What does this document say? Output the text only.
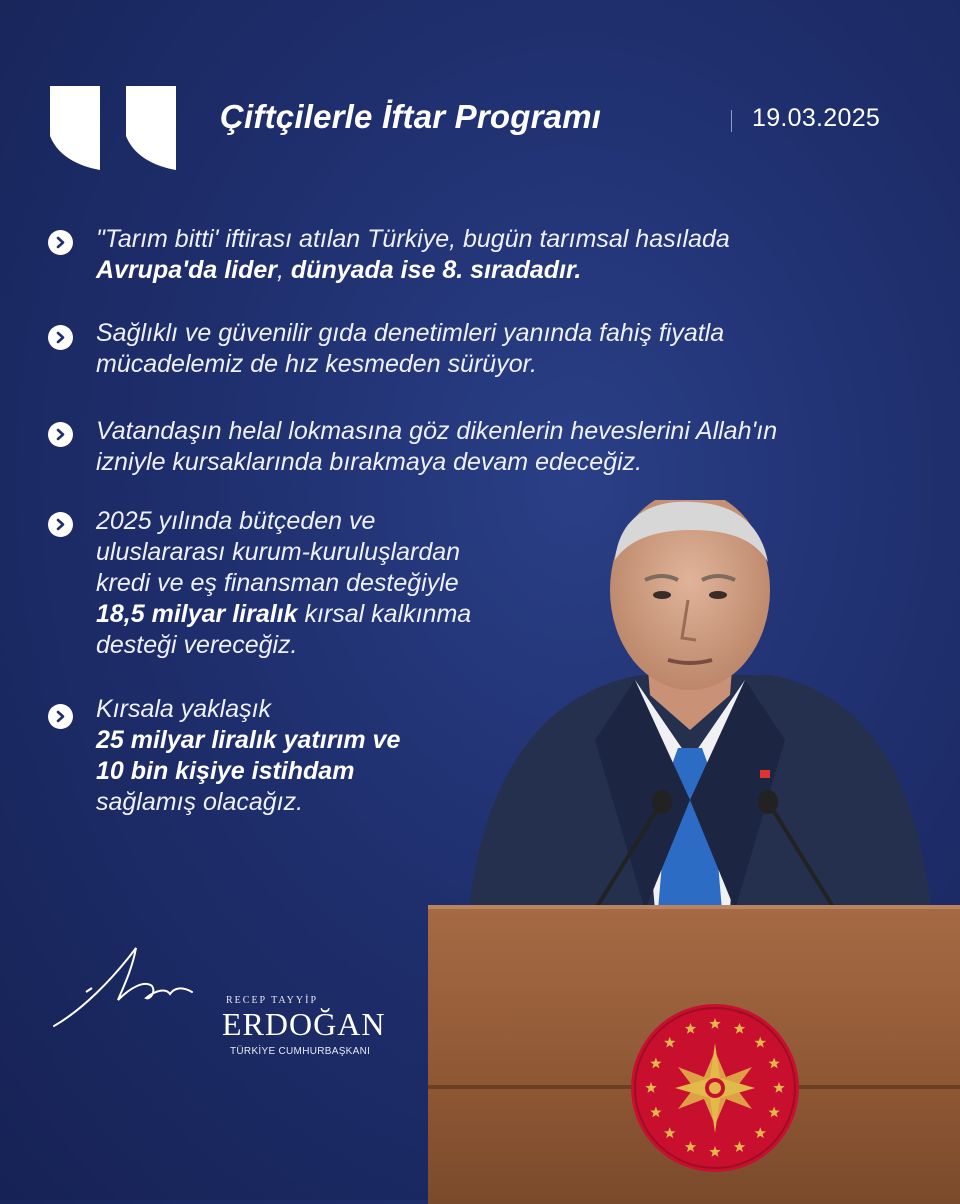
Çiftçilerle İftar Programı	19.03.2025
"Tarım bitti' iftirası atılan Türkiye, bugün tarımsal hasılada
Avrupa'da lider, dünyada ise 8. sıradadır.
Sağlıklı ve güvenilir gıda denetimleri yanında fahiş fiyatla
mücadelemiz de hız kesmeden sürüyor.
Vatandaşın helal lokmasına göz dikenlerin heveslerini Allah'ın
izniyle kursaklarında bırakmaya devam edeceğiz.
2025 yılında bütçeden ve
uluslararası kurum-kuruluşlardan
kredi ve eş finansman desteğiyle
18,5 milyar liralık kırsal kalkınma
desteği vereceğiz.
Kırsala yaklaşık
25 milyar liralık yatırım ve
10 bin kişiye istihdam
sağlamış olacağız.
RECEP TAYYİP
ERDOĞAN
TÜRKİYE CUMHURBAŞKANI
